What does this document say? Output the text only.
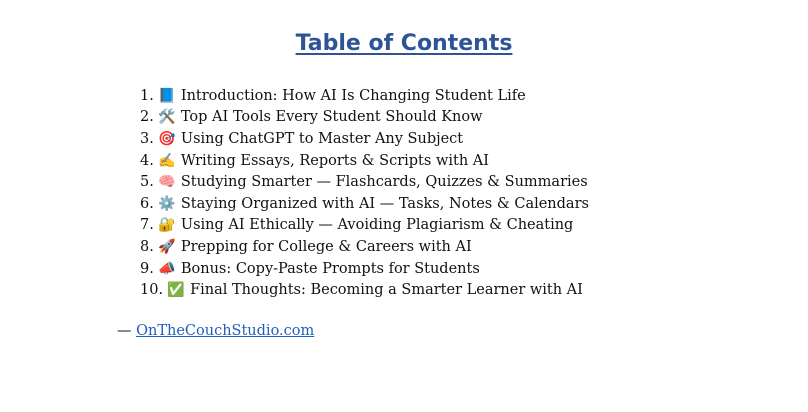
Table of Contents
1. 📘 Introduction: How AI Is Changing Student Life
2. 🛠️ Top AI Tools Every Student Should Know
3. 🎯 Using ChatGPT to Master Any Subject
4. ✍️ Writing Essays, Reports & Scripts with AI
5. 🧠 Studying Smarter — Flashcards, Quizzes & Summaries
6. ⚙️ Staying Organized with AI — Tasks, Notes & Calendars
7. 🔐 Using AI Ethically — Avoiding Plagiarism & Cheating
8. 🚀 Prepping for College & Careers with AI
9. 📣 Bonus: Copy-Paste Prompts for Students
10. ✅ Final Thoughts: Becoming a Smarter Learner with AI
— OnTheCouchStudio.com
